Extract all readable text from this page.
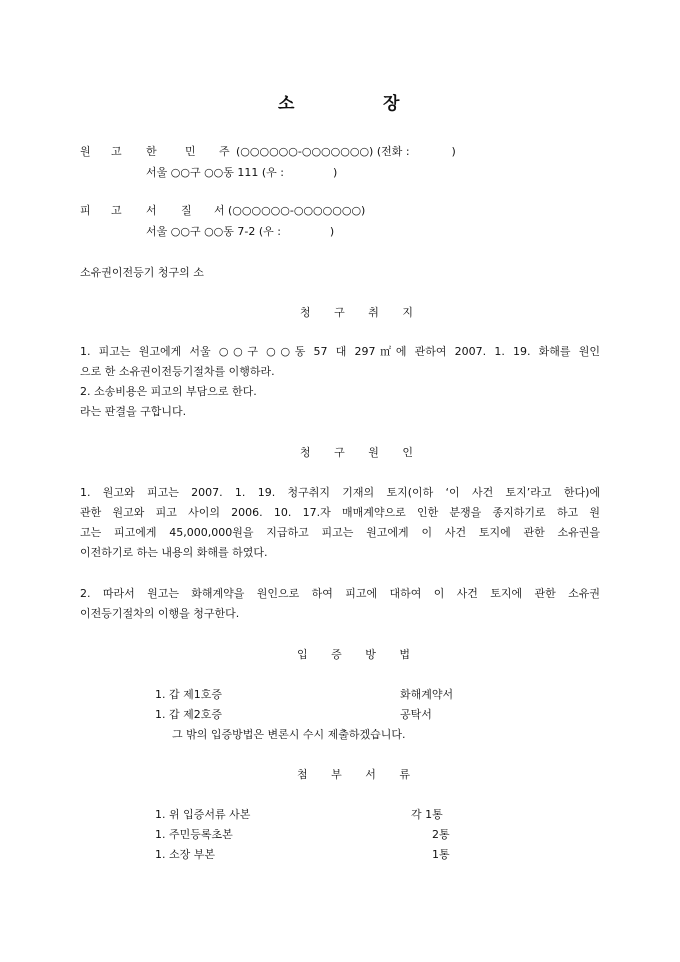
소	장
원 고 한	민 주 (○○○○○○-○○○○○○○) (전화 :            )
서울 ○○구 ○○동 111 (우 :              )
피 고 서 질 서 (○○○○○○-○○○○○○○)
서울 ○○구 ○○동 7-2 (우 :              )
소유권이전등기 청구의 소
청 구 취 지
1. 피고는 원고에게 서울 ○○구 ○○동 57 대 297㎡에 관하여 2007. 1. 19. 화해를 원인
으로 한 소유권이전등기절차를 이행하라.
2. 소송비용은 피고의 부담으로 한다.
라는 판결을 구합니다.
청 구 원 인
1. 원고와 피고는 2007. 1. 19. 청구취지 기재의 토지(이하 ‘이 사건 토지’라고 한다)에
관한 원고와 피고 사이의 2006. 10. 17.자 매매계약으로 인한 분쟁을 종지하기로 하고 원
고는 피고에게 45,000,000원을 지급하고 피고는 원고에게 이 사건 토지에 관한 소유권을
이전하기로 하는 내용의 화해를 하였다.
2. 따라서 원고는 화해계약을 원인으로 하여 피고에 대하여 이 사건 토지에 관한 소유권
이전등기절차의 이행을 청구한다.
입 증 방 법
1. 갑 제1호증	화해계약서
1. 갑 제2호증	공탁서
그 밖의 입증방법은 변론시 수시 제출하겠습니다.
첨 부 서 류
1. 위 입증서류 사본	각 1통
1. 주민등록초본	2통
1. 소장 부본	1통
